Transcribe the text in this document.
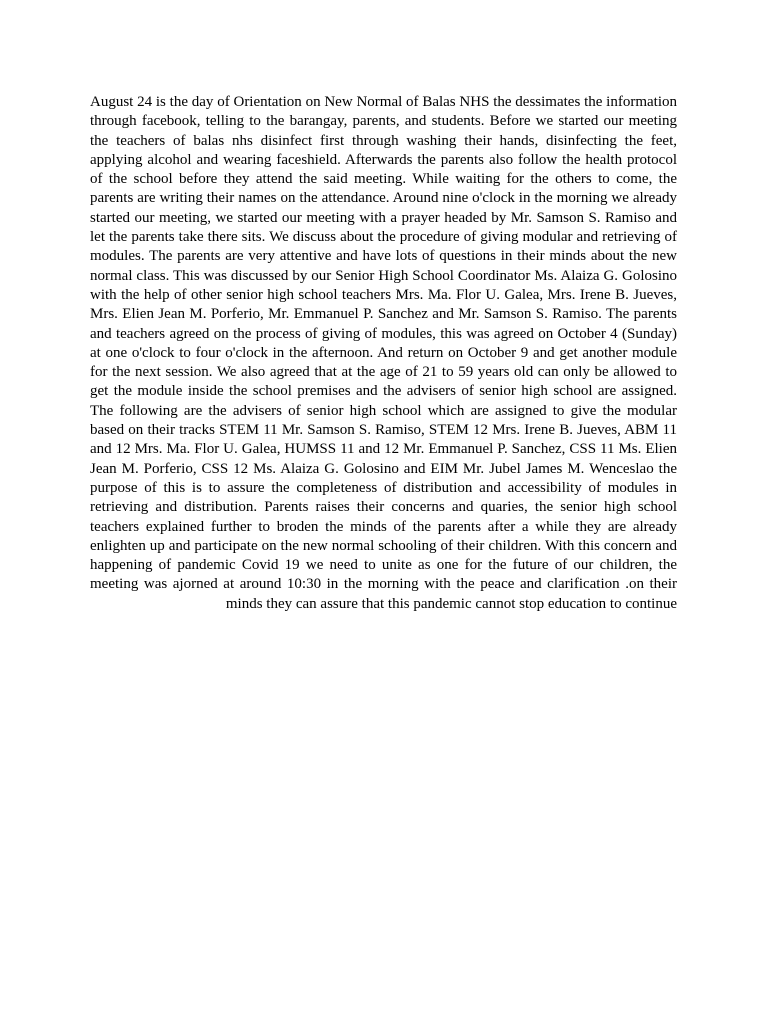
August 24 is the day of Orientation on New Normal of Balas NHS the dessimates the information through facebook, telling to the barangay, parents, and students. Before we started our meeting the teachers of balas nhs disinfect first through washing their hands, disinfecting the feet, applying alcohol and wearing faceshield. Afterwards the parents also follow the health protocol of the school before they attend the said meeting. While waiting for the others to come, the parents are writing their names on the attendance. Around nine o'clock in the morning we already started our meeting, we started our meeting with a prayer headed by Mr. Samson S. Ramiso and let the parents take there sits. We discuss about the procedure of giving modular and retrieving of modules. The parents are very attentive and have lots of questions in their minds about the new normal class. This was discussed by our Senior High School Coordinator Ms. Alaiza G. Golosino with the help of other senior high school teachers Mrs. Ma. Flor U. Galea, Mrs. Irene B. Jueves, Mrs. Elien Jean M. Porferio, Mr. Emmanuel P. Sanchez and Mr. Samson S. Ramiso. The parents and teachers agreed on the process of giving of modules, this was agreed on October 4 (Sunday) at one o'clock to four o'clock in the afternoon. And return on October 9 and get another module for the next session. We also agreed that at the age of 21 to 59 years old can only be allowed to get the module inside the school premises and the advisers of senior high school are assigned. The following are the advisers of senior high school which are assigned to give the modular based on their tracks STEM 11 Mr. Samson S. Ramiso, STEM 12 Mrs. Irene B. Jueves, ABM 11 and 12 Mrs. Ma. Flor U. Galea, HUMSS 11 and 12 Mr. Emmanuel P. Sanchez, CSS 11 Ms. Elien Jean M. Porferio, CSS 12 Ms. Alaiza G. Golosino and EIM Mr. Jubel James M. Wenceslao the purpose of this is to assure the completeness of distribution and accessibility of modules in retrieving and distribution. Parents raises their concerns and quaries, the senior high school teachers explained further to broden the minds of the parents after a while they are already enlighten up and participate on the new normal schooling of their children. With this concern and happening of pandemic Covid 19 we need to unite as one for the future of our children, the meeting was ajorned at around 10:30 in the morning with the peace and clarification .on their minds they can assure that this pandemic cannot stop education to continue
